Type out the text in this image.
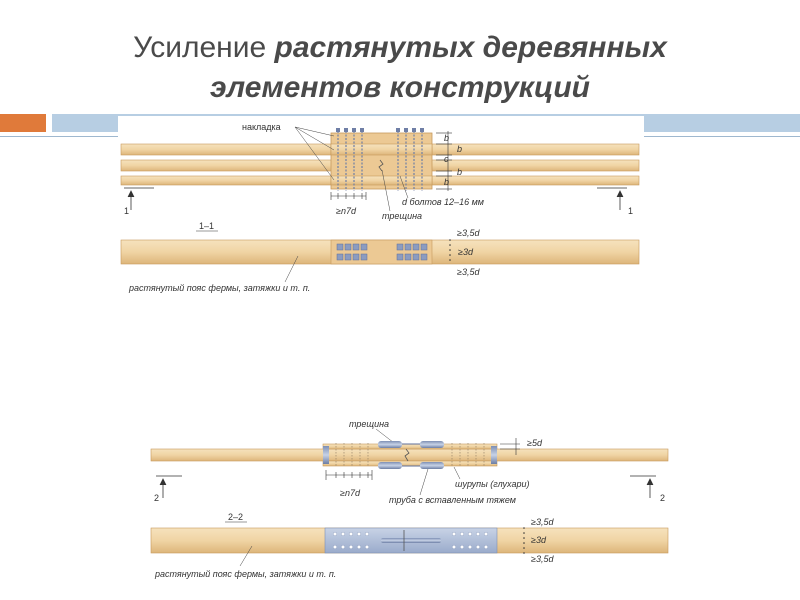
Усиление растянутых деревянных
элементов конструкций
b
b
c
b
b
накладка
≥n7d
d болтов 12–16 мм
трещина
1	1
1–1
≥3,5d
≥3d
≥3,5d
растянутый пояс фермы, затяжки и т. п.
трещина
≥5d
шурупы (глухари)
≥n7d
труба с вставленным тяжем
2	2
2–2	≥3,5d
≥3d
≥3,5d
растянутый пояс фермы, затяжки и т. п.
